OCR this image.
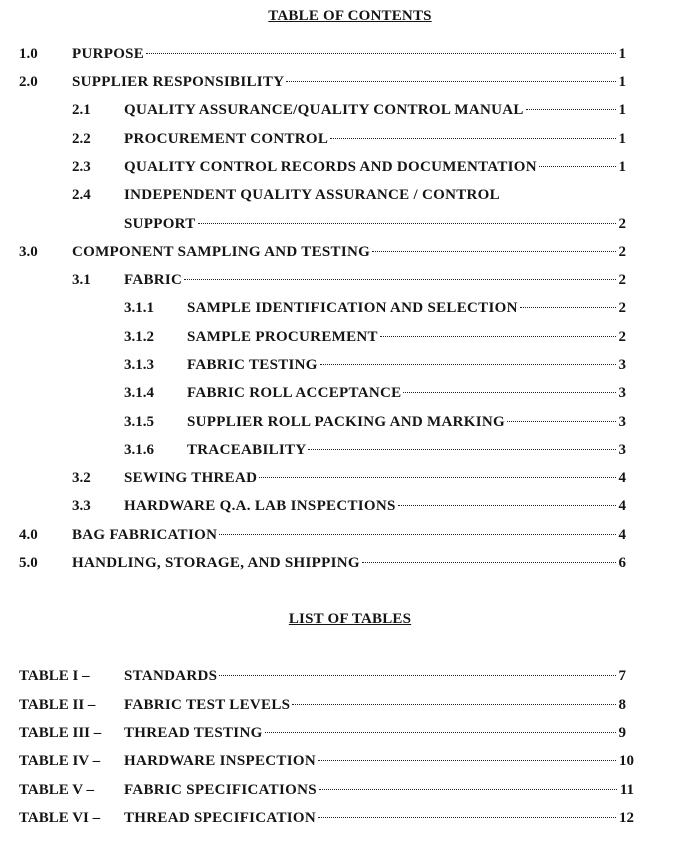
TABLE OF CONTENTS
1.0 PURPOSE	1
2.0 SUPPLIER RESPONSIBILITY	1
2.1 QUALITY ASSURANCE/QUALITY CONTROL MANUAL	1
2.2 PROCUREMENT CONTROL	1
2.3 QUALITY CONTROL RECORDS AND DOCUMENTATION	1
2.4 INDEPENDENT QUALITY ASSURANCE / CONTROL
SUPPORT	2
3.0 COMPONENT SAMPLING AND TESTING	2
3.1 FABRIC	2
3.1.1 SAMPLE IDENTIFICATION AND SELECTION	2
3.1.2 SAMPLE PROCUREMENT	2
3.1.3 FABRIC TESTING	3
3.1.4 FABRIC ROLL ACCEPTANCE	3
3.1.5 SUPPLIER ROLL PACKING AND MARKING	3
3.1.6 TRACEABILITY	3
3.2 SEWING THREAD	4
3.3 HARDWARE Q.A. LAB INSPECTIONS	4
4.0 BAG FABRICATION	4
5.0 HANDLING, STORAGE, AND SHIPPING	6
LIST OF TABLES
TABLE I – STANDARDS	7
TABLE II – FABRIC TEST LEVELS	8
TABLE III – THREAD TESTING	9
TABLE IV – HARDWARE INSPECTION	10
TABLE V – FABRIC SPECIFICATIONS	11
TABLE VI – THREAD SPECIFICATION	12
